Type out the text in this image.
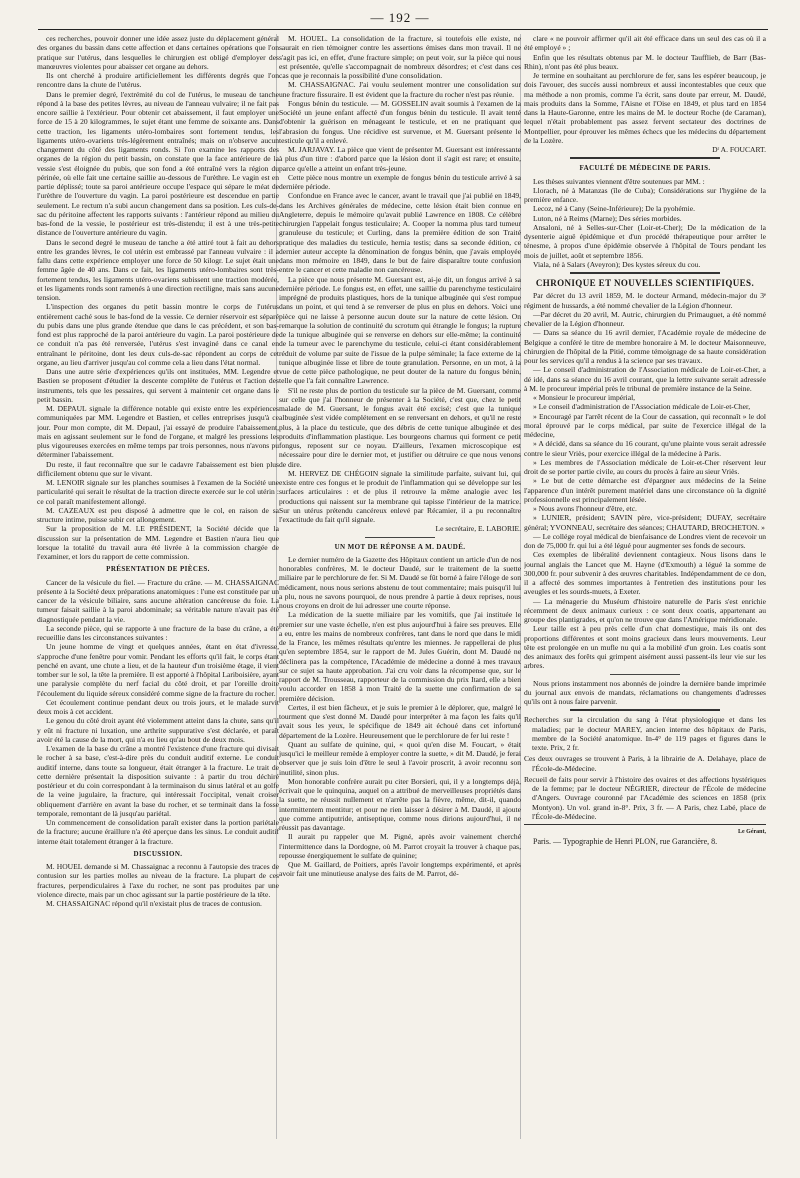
— 192 —

ces recherches, pouvoir donner une idée assez juste du déplacement général des organes du bassin dans cette affection et dans certaines opérations que l'on pratique sur l'utérus, dans lesquelles le chirurgien est obligé d'employer des manœuvres violentes pour abaisser cet organe au dehors.

Ils ont cherché à produire artificiellement les différents degrés que l'on rencontre dans la chute de l'utérus.

Dans le premier degré, l'extrémité du col de l'utérus, le museau de tanche répond à la base des petites lèvres, au niveau de l'anneau vulvaire; il ne fait pas encore saillie à l'extérieur. Pour obtenir cet abaissement, il faut employer une force de 15 à 20 kilogrammes, le sujet étant une femme de soixante ans. Dans cette traction, les ligaments utéro-lombaires sont fortement tendus, les ligaments utéro-ovariens très-légèrement entraînés; mais on n'observe aucun changement du côté des ligaments ronds. Si l'on examine les rapports des organes de la région du petit bassin, on constate que la face antérieure de la vessie s'est éloignée du pubis, que son fond a été entraîné vers la région du périnée, où elle fait une certaine saillie au-dessous de l'urèthre. Le vagin est en partie déplissé; toute sa paroi antérieure occupe l'espace qui sépare le méat de l'urèthre de l'ouverture du vagin. La paroi postérieure est descendue en partie seulement. Le rectum n'a subi aucun changement dans sa position. Les culs-de-sac du péritoine affectent les rapports suivants : l'antérieur répond au milieu du bas-fond de la vessie, le postérieur est très-distendu; il est à une très-petite distance de l'ouverture antérieure du vagin.

Dans le second degré le museau de tanche a été attiré tout à fait au dehors entre les grandes lèvres, le col utérin est embrassé par l'anneau vulvaire : il a fallu dans cette expérience employer une force de 50 kilogr. Le sujet était une femme âgée de 40 ans. Dans ce fait, les ligaments utéro-lombaires sont très-fortement tendus, les ligaments utéro-ovariens subissent une traction modérée, et les ligaments ronds sont ramenés à une direction rectiligne, mais sans aucune tension.

L'inspection des organes du petit bassin montre le corps de l'utérus entièrement caché sous le bas-fond de la vessie. Ce dernier réservoir est séparé du pubis dans une plus grande étendue que dans le cas précédent, et son bas-fond est plus rapproché de la paroi antérieure du vagin. La paroi postérieure de ce conduit n'a pas été renversée, l'utérus s'est invaginé dans ce canal en entraînant le péritoine, dont les deux culs-de-sac répondent au corps de cet organe, au lieu d'arriver jusqu'au col comme cela a lieu dans l'état normal.

Dans une autre série d'expériences qu'ils ont instituées, MM. Legendre et Bastien se proposent d'étudier la descente complète de l'utérus et l'action des instruments, tels que les pessaires, qui servent à maintenir cet organe dans le petit bassin.

M. DEPAUL signale la différence notable qui existe entre les expériences communiquées par MM. Legendre et Bastien, et celles entreprises jusqu'à ce jour. Pour mon compte, dit M. Depaul, j'ai essayé de produire l'abaissement, mais en agissant seulement sur le fond de l'organe, et malgré les pressions les plus vigoureuses exercées en même temps par trois personnes, nous n'avons pu déterminer l'abaissement.

Du reste, il faut reconnaître que sur le cadavre l'abaissement est bien plus difficilement obtenu que sur le vivant.

M. LENOIR signale sur les planches soumises à l'examen de la Société une particularité qui serait le résultat de la traction directe exercée sur le col utérin : ce col paraît manifestement allongé.

M. CAZEAUX est peu disposé à admettre que le col, en raison de sa structure intime, puisse subir cet allongement.

Sur la proposition de M. LE PRÉSIDENT, la Société décide que la discussion sur la présentation de MM. Legendre et Bastien n'aura lieu que lorsque la totalité du travail aura été livrée à la commission chargée de l'examiner, et lors du rapport de cette commission.

PRÉSENTATION DE PIÈCES.

Cancer de la vésicule du fiel. — Fracture du crâne. — M. CHASSAIGNAC présente à la Société deux préparations anatomiques : l'une est constituée par un cancer de la vésicule biliaire, sans aucune altération cancéreuse du foie. La tumeur faisait saillie à la paroi abdominale; sa véritable nature n'avait pas été diagnostiquée pendant la vie.

La seconde pièce, qui se rapporte à une fracture de la base du crâne, a été recueillie dans les circonstances suivantes :

Un jeune homme de vingt et quelques années, étant en état d'ivresse, s'approche d'une fenêtre pour vomir. Pendant les efforts qu'il fait, le corps étant penché en avant, une chute a lieu, et de la hauteur d'un troisième étage, il vient tomber sur le sol, la tête la première. Il est apporté à l'hôpital Lariboisière, ayant une paralysie complète du nerf facial du côté droit, et par l'oreille droite l'écoulement du liquide séreux considéré comme signe de la fracture du rocher.

Cet écoulement continue pendant deux ou trois jours, et le malade survit deux mois à cet accident.

Le genou du côté droit ayant été violemment atteint dans la chute, sans qu'il y eût ni fracture ni luxation, une arthrite suppurative s'est déclarée, et paraît avoir été la cause de la mort, qui n'a eu lieu qu'au bout de deux mois.

L'examen de la base du crâne a montré l'existence d'une fracture qui divisait le rocher à sa base, c'est-à-dire près du conduit auditif externe. Le conduit auditif interne, dans toute sa longueur, était étranger à la fracture. Le trait de cette dernière présentait la disposition suivante : à partir du trou déchiré postérieur et du coin correspondant à la terminaison du sinus latéral et au golfe de la veine jugulaire, la fracture, qui intéressait l'occipital, venait croiser obliquement d'arrière en avant la base du rocher, et se terminait dans la fosse temporale, remontant de là jusqu'au pariétal.

Un commencement de consolidation paraît exister dans la portion pariétale de la fracture; aucune éraillure n'a été aperçue dans les sinus. Le conduit auditif interne était totalement étranger à la fracture.

DISCUSSION.

M. HOUEL demande si M. Chassaignac a reconnu à l'autopsie des traces de contusion sur les parties molles au niveau de la fracture. La plupart de ces fractures, perpendiculaires à l'axe du rocher, ne sont pas produites par une violence directe, mais par un choc agissant sur la partie postérieure de la tête.

M. CHASSAIGNAC répond qu'il n'existait plus de traces de contusion.

M. HOUEL. La consolidation de la fracture, si toutefois elle existe, ne saurait en rien témoigner contre les assertions émises dans mon travail. Il ne s'agit pas ici, en effet, d'une fracture simple; on peut voir, sur la pièce qui nous est présentée, qu'elle s'accompagnait de nombreux désordres; et c'est dans ces cas que je reconnais la possibilité d'une consolidation.

M. CHASSAIGNAC. J'ai voulu seulement montrer une consolidation sur une fracture fissuraire. Il est évident que la fracture du rocher n'est pas réunie.

Fongus bénin du testicule. — M. GOSSELIN avait soumis à l'examen de la Société un jeune enfant affecté d'un fongus bénin du testicule. Il avait tenté d'obtenir la guérison en ménageant le testicule, et en ne pratiquant que l'abrasion du fongus. Une récidive est survenue, et M. Guersant présente le testicule qu'il a enlevé.

M. JARJAVAY. La pièce que vient de présenter M. Guersant est intéressante à plus d'un titre : d'abord parce que la lésion dont il s'agit est rare; et ensuite, parce qu'elle a atteint un enfant très-jeune.

Cette pièce nous montre un exemple de fongus bénin du testicule arrivé à sa dernière période.

Confondue en France avec le cancer, avant le travail que j'ai publié en 1849, dans les Archives générales de médecine, cette lésion était bien connue en Angleterre, depuis le mémoire qu'avait publié Lawrence en 1808. Ce célèbre chirurgien l'appelait fongus testiculaire; A. Cooper la nomma plus tard tumeur granuleuse du testicule; et Curling, dans la première édition de son Traité pratique des maladies du testicule, hernia testis; dans sa seconde édition, ce dernier auteur accepte la dénomination de fongus bénin, que j'avais employée dans mon mémoire en 1849, dans le but de faire disparaître toute confusion entre le cancer et cette maladie non cancéreuse.

La pièce que nous présente M. Guersant est, ai-je dit, un fongus arrivé à sa dernière période. Le fongus est, en effet, une saillie du parenchyme testiculaire imprégné de produits plastiques, hors de la tunique albuginée qui s'est rompue dans un point, et qui tend à se renverser de plus en plus en dehors. Voici une pièce qui ne laisse à personne aucun doute sur la nature de cette lésion. On remarque la solution de continuité du scrotum qui étrangle le fongus; la rupture de la tunique albuginée qui se renverse en dehors sur elle-même; la continuité de la tumeur avec le parenchyme du testicule, celui-ci étant considérablement réduit de volume par suite de l'issue de la pulpe séminale; la face externe de la tunique albuginée lisse et libre de toute granulation. Personne, en un mot, à la vue de cette pièce pathologique, ne peut douter de la nature du fongus bénin, telle que l'a fait connaître Lawrence.

S'il ne reste plus de portion du testicule sur la pièce de M. Guersant, comme sur celle que j'ai l'honneur de présenter à la Société, c'est que, chez le petit malade de M. Guersant, le fongus avait été excisé; c'est que la tunique albuginée s'est vidée complétement en se renversant en dehors, et qu'il ne reste plus, à la place du testicule, que des débris de cette tunique albuginée et des produits d'inflammation plastique. Les bourgeons charnus qui forment ce petit fongus, reposent sur ce noyau. D'ailleurs, l'examen microscopique est nécessaire pour dire le dernier mot, et justifier ou détruire ce que nous venons de dire.

M. HERVEZ DE CHÉGOIN signale la similitude parfaite, suivant lui, qui existe entre ces fongus et le produit de l'inflammation qui se développe sur les surfaces articulaires : et de plus il retrouve la même analogie avec les productions qui naissent sur la membrane qui tapisse l'intérieur de la matrice. Sur un utérus prétendu cancéreux enlevé par Récamier, il a pu reconnaître l'exactitude du fait qu'il signale.

Le secrétaire, E. LABORIE.
UN MOT DE RÉPONSE A M. DAUDÉ.

Le dernier numéro de la Gazette des Hôpitaux contient un article d'un de nos honorables confrères, M. le docteur Daudé, sur le traitement de la suette miliaire par le perchlorure de fer. Si M. Daudé se fût borné à faire l'éloge de son médicament, nous nous serions abstenu de tout commentaire; mais puisqu'il lui a plu, nous ne savons pourquoi, de nous prendre à partie à deux reprises, nous nous croyons en droit de lui adresser une courte réponse.

La médication de la suette miliaire par les vomitifs, que j'ai instituée le premier sur une vaste échelle, n'en est plus aujourd'hui à faire ses preuves. Elle a eu, entre les mains de nombreux confrères, tant dans le nord que dans le midi de la France, les mêmes résultats qu'entre les miennes. Je rappellerai de plus qu'en septembre 1854, sur le rapport de M. Jules Guérin, dont M. Daudé ne déclinera pas la compétence, l'Académie de médecine a donné à mes travaux sur ce sujet sa haute approbation. J'ai cru voir dans la récompense que, sur le rapport de M. Trousseau, rapporteur de la commission du prix Itard, elle a bien voulu accorder en 1858 à mon Traité de la suette une confirmation de sa première décision.

Certes, il est bien fâcheux, et je suis le premier à le déplorer, que, malgré le tourment que s'est donné M. Daudé pour interpréter à ma façon les faits qu'il avait sous les yeux, le spécifique de 1849 ait échoué dans cet infortuné département de la Lozère. Heureusement que le perchlorure de fer lui reste !

Quant au sulfate de quinine, qui, « quoi qu'en dise M. Foucart, » était jusqu'ici le meilleur remède à employer contre la suette, » dit M. Daudé, je ferai observer que je suis loin d'être le seul à l'avoir proscrit, à avoir reconnu son inutilité, sinon plus.

Mon honorable confrère aurait pu citer Borsieri, qui, il y a longtemps déjà, écrivait que le quinquina, auquel on a attribué de merveilleuses propriétés dans la suette, ne réussit nullement et n'arrête pas la fièvre, même, dit-il, quando intermittentem mentitur; et pour ne rien laisser à désirer à M. Daudé, il ajoute que comme antiputride, antiseptique, comme nous dirions aujourd'hui, il ne réussit pas davantage.

Il aurait pu rappeler que M. Pigné, après avoir vainement cherché l'intermittence dans la Dordogne, où M. Parrot croyait la trouver à chaque pas, repousse énergiquement le sulfate de quinine;

Que M. Gaillard, de Poitiers, après l'avoir longtemps expérimenté, et après avoir fait une minutieuse analyse des faits de M. Parrot, dé-

clare « ne pouvoir affirmer qu'il ait été efficace dans un seul des cas où il a été employé » ;

Enfin que les résultats obtenus par M. le docteur Taufflieb, de Barr (Bas-Rhin), n'ont pas été plus beaux.

Je termine en souhaitant au perchlorure de fer, sans les espérer beaucoup, je dois l'avouer, des succès aussi nombreux et aussi incontestables que ceux que ma méthode a non promis, comme l'a écrit, sans doute par erreur, M. Daudé, mais produits dans la Somme, l'Aisne et l'Oise en 1849, et plus tard en 1854 dans la Haute-Garonne, entre les mains de M. le docteur Roche (de Caraman), lequel n'était probablement pas assez fervent sectateur des doctrines de Montpellier, pour éprouver les mêmes échecs que les médecins du département de la Lozère.

Dʳ A. FOUCART.
FACULTÉ DE MÉDECINE DE PARIS.

Les thèses suivantes viennent d'être soutenues par MM. :

Llorach, né à Matanzas (île de Cuba); Considérations sur l'hygiène de la première enfance.

Lecoz, né à Cany (Seine-Inférieure); De la pyohémie.

Luton, né à Reims (Marne); Des séries morbides.

Ansaloni, né à Selles-sur-Cher (Loir-et-Cher); De la médication de la dysenterie aiguë épidémique et d'un procédé thérapeutique pour arrêter le ténesme, à propos d'une épidémie observée à l'hôpital de Tours pendant les mois de juillet, août et septembre 1856.

Viala, né à Salars (Aveyron); Des kystes séreux du cou.

CHRONIQUE ET NOUVELLES SCIENTIFIQUES.

Par décret du 13 avril 1859, M. le docteur Armand, médecin-major du 3ᵉ régiment de hussards, a été nommé chevalier de la Légion d'honneur.

—Par décret du 20 avril, M. Autric, chirurgien du Primauguet, a été nommé chevalier de la Légion d'honneur.

— Dans sa séance du 16 avril dernier, l'Académie royale de médecine de Belgique a conféré le titre de membre honoraire à M. le docteur Maisonneuve, chirurgien de l'hôpital de la Pitié, comme témoignage de sa haute considération pour les services qu'il a rendus à la science par ses travaux.

— Le conseil d'administration de l'Association médicale de Loir-et-Cher, a dé idé, dans sa séance du 16 avril courant, que la lettre suivante serait adressée à M. le procureur impérial près le tribunal de première instance de la Seine.

« Monsieur le procureur impérial,

» Le conseil d'administration de l'Association médicale de Loir-et-Cher,

» Encouragé par l'arrêt récent de la Cour de cassation, qui reconnaît » le dol moral éprouvé par le corps médical, par suite de l'exercice illégal de la médecine,

» A décidé, dans sa séance du 16 courant, qu'une plainte vous serait adressée contre le sieur Vriès, pour exercice illégal de la médecine à Paris.

» Les membres de l'Association médicale de Loir-et-Cher réservent leur droit de se porter partie civile, au cours du procès à faire au sieur Vriès.

» Le but de cette démarche est d'épargner aux médecins de la Seine l'apparence d'un intérêt purement matériel dans une circonstance où la dignité professionnelle est principalement lésée.

» Nous avons l'honneur d'être, etc.

» LUNIER, président; SAVIN père, vice-président; DUFAY, secrétaire général; YVONNEAU, secrétaire des séances; CHAUTARD, BROCHETON. »

— Le collége royal médical de bienfaisance de Londres vient de recevoir un don de 75,000 fr. qui lui a été légué pour augmenter ses fonds de secours.

Ces exemples de libéralité deviennent contagieux. Nous lisons dans le journal anglais the Lancet que M. Hayne (d'Exmouth) a légué la somme de 300,000 fr. pour subvenir à des œuvres charitables. Indépendamment de ce don, il a affecté des sommes importantes à l'entretien des institutions pour les aveugles et les sourds-muets, à Exeter.

— La ménagerie du Muséum d'histoire naturelle de Paris s'est enrichie récemment de deux animaux curieux : ce sont deux coatis, appartenant au groupe des plantigrades, et qu'on ne trouve que dans l'Amérique méridionale.

Leur taille est à peu près celle d'un chat domestique, mais ils ont des proportions différentes et sont moins gracieux dans leurs mouvements. Leur tête est prolongée en un mufle nu qui a la mobilité d'un groin. Les coatis sont des animaux des forêts qui grimpent aisément aussi passent-ils leur vie sur les arbres.

Nous prions instamment nos abonnés de joindre la dernière bande imprimée du journal aux envois de mandats, réclamations ou changements d'adresses qu'ils ont à nous faire parvenir.

Recherches sur la circulation du sang à l'état physiologique et dans les maladies; par le docteur MAREY, ancien interne des hôpitaux de Paris, membre de la Société anatomique. In-4° de 119 pages et figures dans le texte. Prix, 2 fr.

Ces deux ouvrages se trouvent à Paris, à la librairie de A. Delahaye, place de l'École-de-Médecine.

Recueil de faits pour servir à l'histoire des ovaires et des affections hystériques de la femme; par le docteur NÉGRIER, directeur de l'École de médecine d'Angers. Ouvrage couronné par l'Académie des sciences en 1858 (prix Montyon). Un vol. grand in-8°. Prix, 3 fr. — A Paris, chez Labé, place de l'École-de-Médecine.

Le Gérant,

Paris. — Typographie de Henri PLON, rue Garancière, 8.
